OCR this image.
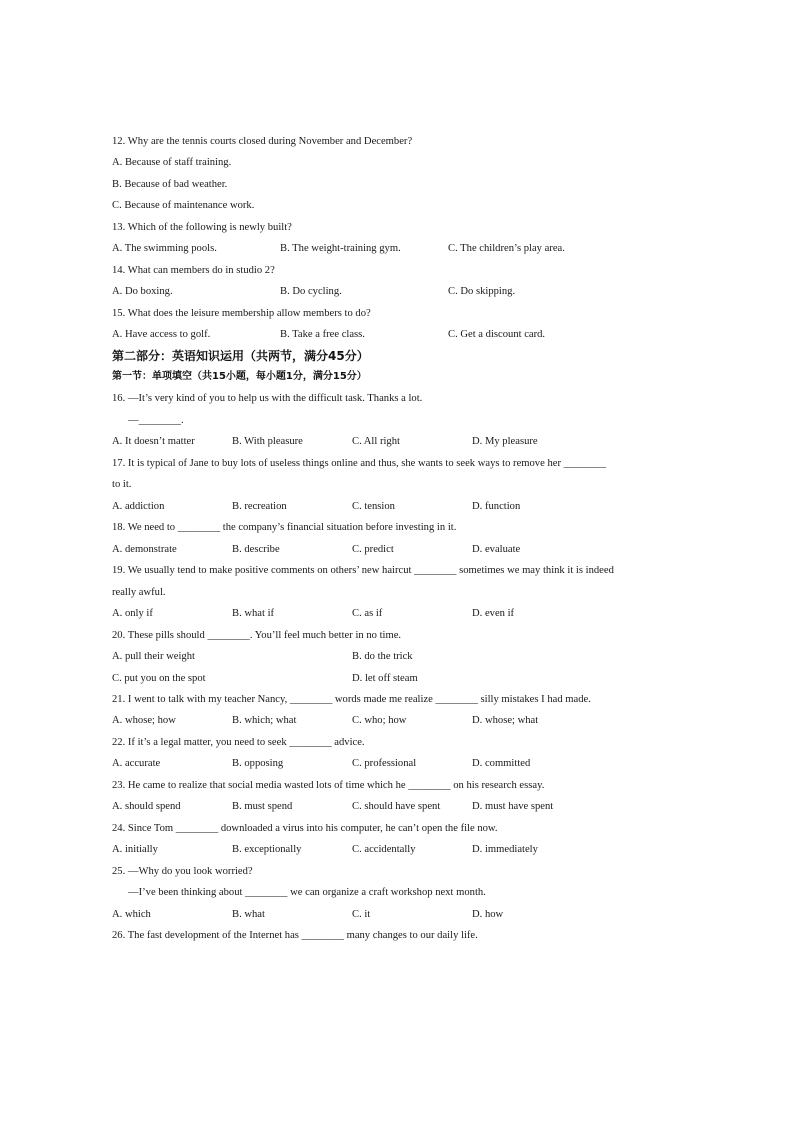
12. Why are the tennis courts closed during November and December?
A. Because of staff training.
B. Because of bad weather.
C. Because of maintenance work.
13. Which of the following is newly built?
A. The swimming pools.	B. The weight-training gym.	C. The children’s play area.
14. What can members do in studio 2?
A. Do boxing.	B. Do cycling.	C. Do skipping.
15. What does the leisure membership allow members to do?
A. Have access to golf.	B. Take a free class.	C. Get a discount card.
第二部分：英语知识运用（共两节，满分45分）
第一节：单项填空（共15小题，每小题1分，满分15分）
16. —It’s very kind of you to help us with the difficult task. Thanks a lot.
—________.
A. It doesn’t matter	B. With pleasure	C. All right	D. My pleasure
17. It is typical of Jane to buy lots of useless things online and thus, she wants to seek ways to remove her ________
to it.
A. addiction	B. recreation	C. tension	D. function
18. We need to ________ the company’s financial situation before investing in it.
A. demonstrate	B. describe	C. predict	D. evaluate
19. We usually tend to make positive comments on others’ new haircut ________ sometimes we may think it is indeed
really awful.
A. only if	B. what if	C. as if	D. even if
20. These pills should ________. You’ll feel much better in no time.
A. pull their weight	B. do the trick
C. put you on the spot	D. let off steam
21. I went to talk with my teacher Nancy, ________ words made me realize ________ silly mistakes I had made.
A. whose; how	B. which; what	C. who; how	D. whose; what
22. If it’s a legal matter, you need to seek ________ advice.
A. accurate	B. opposing	C. professional	D. committed
23. He came to realize that social media wasted lots of time which he ________ on his research essay.
A. should spend	B. must spend	C. should have spent	D. must have spent
24. Since Tom ________ downloaded a virus into his computer, he can’t open the file now.
A. initially	B. exceptionally	C. accidentally	D. immediately
25. —Why do you look worried?
—I’ve been thinking about ________ we can organize a craft workshop next month.
A. which	B. what	C. it	D. how
26. The fast development of the Internet has ________ many changes to our daily life.
